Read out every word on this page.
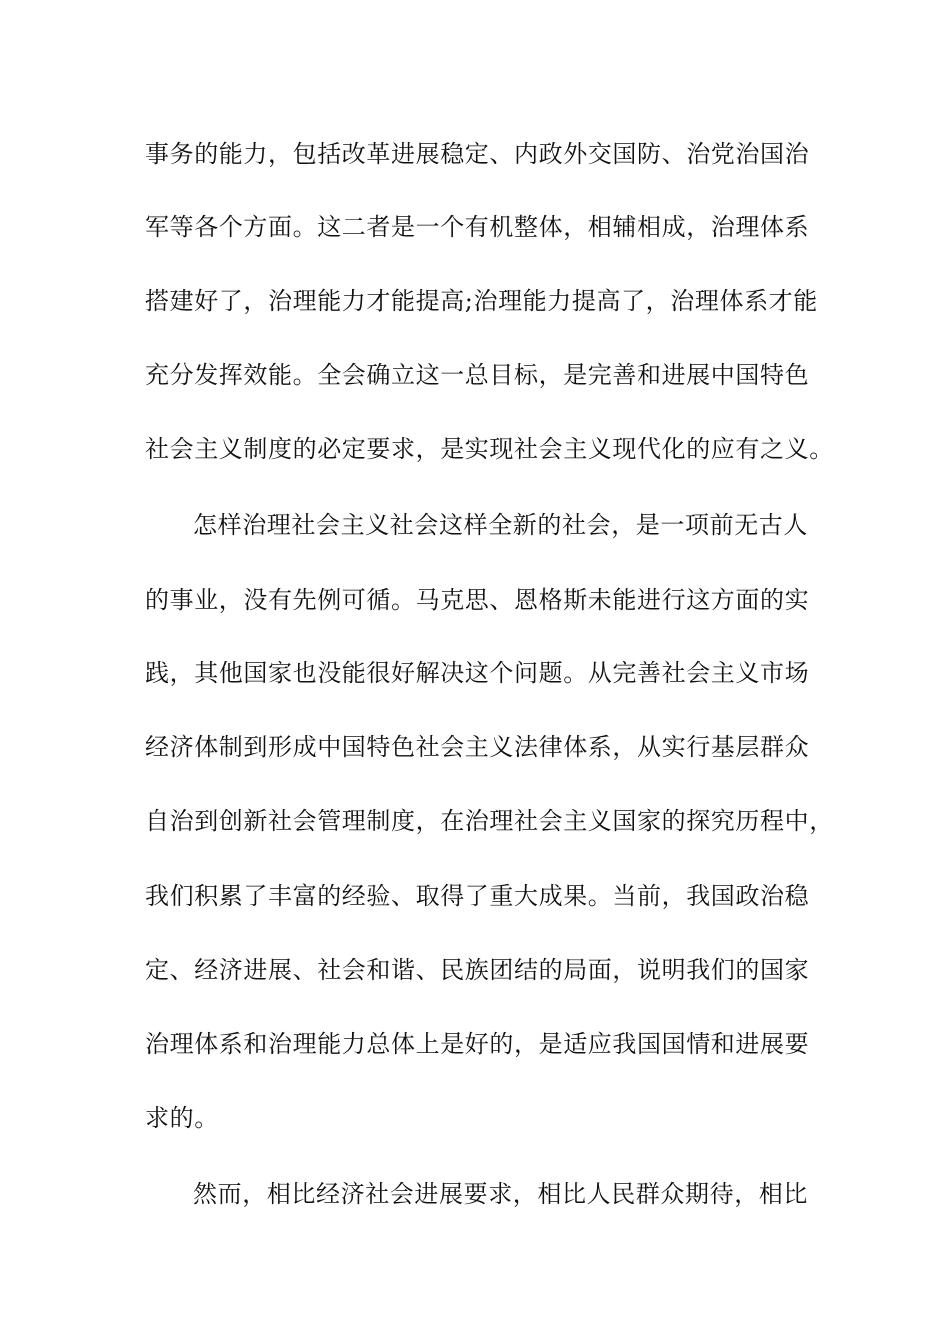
事务的能力，包括改革进展稳定、内政外交国防、治党治国治
军等各个方面。这二者是一个有机整体，相辅相成，治理体系
搭建好了，治理能力才能提高;治理能力提高了，治理体系才能
充分发挥效能。全会确立这一总目标，是完善和进展中国特色
社会主义制度的必定要求，是实现社会主义现代化的应有之义。
怎样治理社会主义社会这样全新的社会，是一项前无古人
的事业，没有先例可循。马克思、恩格斯未能进行这方面的实
践，其他国家也没能很好解决这个问题。从完善社会主义市场
经济体制到形成中国特色社会主义法律体系，从实行基层群众
自治到创新社会管理制度，在治理社会主义国家的探究历程中，
我们积累了丰富的经验、取得了重大成果。当前，我国政治稳
定、经济进展、社会和谐、民族团结的局面，说明我们的国家
治理体系和治理能力总体上是好的，是适应我国国情和进展要
求的。
然而，相比经济社会进展要求，相比人民群众期待，相比
